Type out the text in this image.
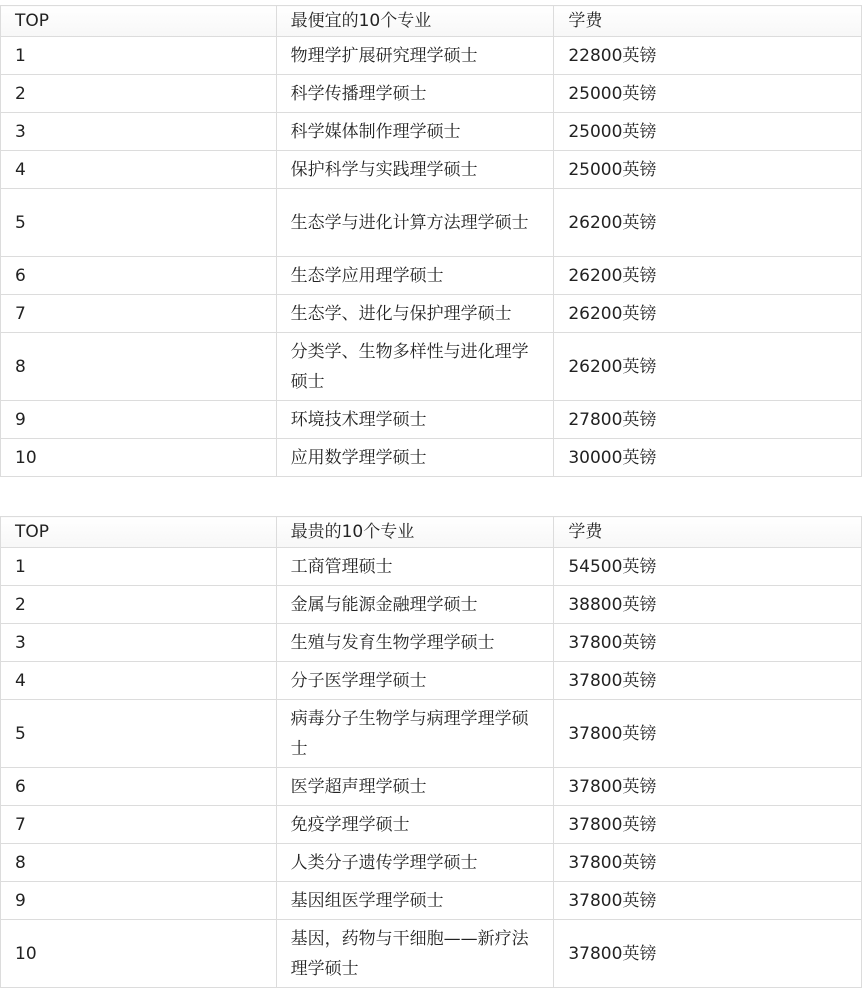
TOP	最便宜的10个专业	学费
1	物理学扩展研究理学硕士	22800英镑
2	科学传播理学硕士	25000英镑
3	科学媒体制作理学硕士	25000英镑
4	保护科学与实践理学硕士	25000英镑
5	生态学与进化计算方法理学硕士	26200英镑
6	生态学应用理学硕士	26200英镑
7	生态学、进化与保护理学硕士	26200英镑
8	分类学、生物多样性与进化理学硕士	26200英镑
9	环境技术理学硕士	27800英镑
10	应用数学理学硕士	30000英镑
TOP	最贵的10个专业	学费
1	工商管理硕士	54500英镑
2	金属与能源金融理学硕士	38800英镑
3	生殖与发育生物学理学硕士	37800英镑
4	分子医学理学硕士	37800英镑
5	病毒分子生物学与病理学理学硕士	37800英镑
6	医学超声理学硕士	37800英镑
7	免疫学理学硕士	37800英镑
8	人类分子遗传学理学硕士	37800英镑
9	基因组医学理学硕士	37800英镑
10	基因，药物与干细胞——新疗法理学硕士	37800英镑
